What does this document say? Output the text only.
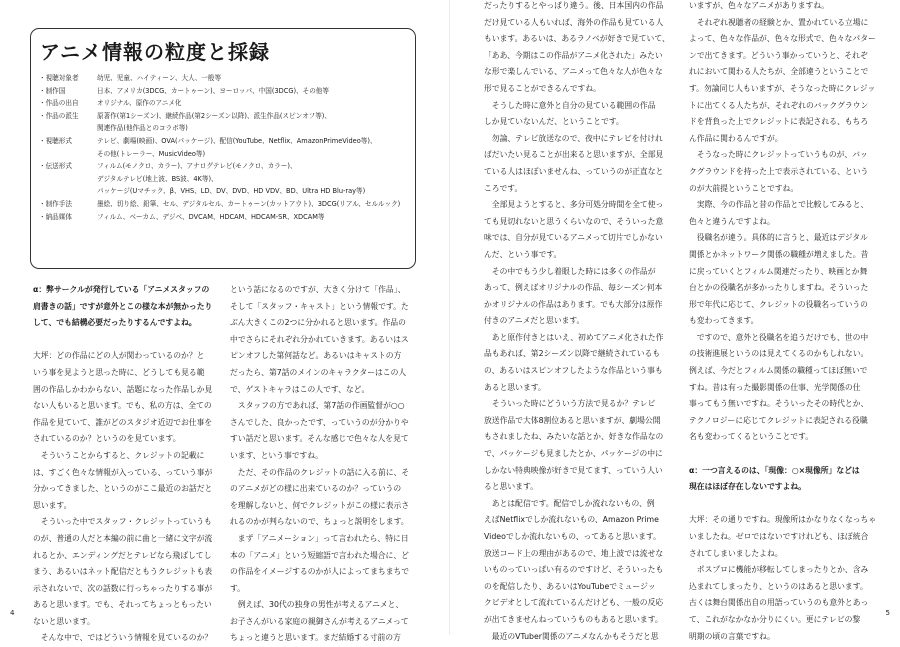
アニメ情報の粒度と採録
・視聴対象者	幼児、児童、ハイティーン、大人、一般等
・制作国	日本、アメリカ(3DCG、カートゥーン)、ヨーロッパ、中国(3DCG)、その他等
・作品の出自	オリジナル、原作のアニメ化
・作品の派生	原著作(第1シーズン)、継続作品(第2シーズン以降)、派生作品(スピンオフ等)、
関連作品(他作品とのコラボ等)
・視聴形式	テレビ、劇場(映画)、OVA(パッケージ)、配信(YouTube、Netflix、AmazonPrimeVideo等)、
その他(トレーラー、MusicVideo等)
・伝送形式	フィルム(モノクロ、カラー)、アナログテレビ(モノクロ、カラー)、
デジタルテレビ(地上波、BS波、4K等)、
パッケージ(Uマチック、β、VHS、LD、DV、DVD、HD VDV、BD、Ultra HD Blu-ray等)
・制作手法	墨絵、切り絵、鉛筆、セル、デジタルセル、カートゥーン(カットアウト)、3DCG(リアル、セルルック)
・納品媒体	フィルム、ベーカム、デジベ、DVCAM、HDCAM、HDCAM-SR、XDCAM等

α：弊サークルが発行している「アニメスタッフの

肩書きの話」ですが意外とこの様な本が無かったり

して、でも結構必要だったりするんですよね。

大坪：どの作品にどの人が関わっているのか？と

いう事を見ようと思った時に、どうしても見る範

囲の作品しかわからない、話題になった作品しか見

ない人もいると思います。でも、私の方は、全ての

作品を見ていて、誰がどのスタジオ近辺でお仕事を

されているのか？というのを見ています。

　そういうことからすると、クレジットの記載に

は、すごく色々な情報が入っている、っていう事が

分かってきました、というのがここ最近のお話だと

思います。

　そういった中でスタッフ・クレジットっていうも

のが、普通の人だと本編の前に曲と一緒に文字が流

れるとか、エンディングだとテレビなら飛ばしてし

まう、あるいはネット配信だともうクレジットも表

示されないで、次の話数に行っちゃったりする事が

あると思います。でも、それってちょっともったい

ないと思います。

　そんな中で、ではどういう情報を見ているのか？

という話になるのですが、大きく分けて「作品」、

そして「スタッフ・キャスト」という情報です。た

ぶん大きくこの2つに分かれると思います。作品の

中でさらにそれぞれ分かれていきます。あるいはス

ピンオフした第何話など。あるいはキャストの方

だったら、第7話のメインのキャラクターはこの人

で、ゲストキャラはこの人です、など。

　スタッフの方であれば、第7話の作画監督が○○

さんでした、良かったです、っていうのが分かりや

すい話だと思います。そんな感じで色々な人を見て

います、という事ですね。

　ただ、その作品のクレジットの話に入る前に、そ

のアニメがどの様に出来ているのか？っていうの

を理解しないと、何でクレジットがこの様に表示さ

れるのかが判らないので、ちょっと説明をします。

　まず「アニメーション」って言われたら、特に日

本の「アニメ」という短縮語で言われた場合に、ど

の作品をイメージするのかが人によってまちまちで

す。

　例えば、30代の独身の男性が考えるアニメと、

お子さんがいる家庭の親御さんが考えるアニメって

ちょっと違うと思います。まだ結婚する寸前の方

4

だったりするとやっぱり違う。後、日本国内の作品

だけ見ている人もいれば、海外の作品も見ている人

もいます。あるいは、あるラノベが好きで見ていて、

「ああ、今期はこの作品がアニメ化された」みたい

な形で楽しんでいる、アニメって色々な人が色々な

形で見ることができるんですね。

　そうした時に意外と自分の見ている範囲の作品

しか見ていないんだ、ということです。

　勿論、テレビ放送なので、夜中にテレビを付けれ

ばだいたい見ることが出来ると思いますが、全部見

ている人はほぼいませんね、っていうのが正直なと

ころです。

　全部見ようとすると、多分可処分時間を全て使っ

ても見切れないと思うくらいなので、そういった意

味では、自分が見ているアニメって切片でしかない

んだ、という事です。

　その中でもう少し着眼した時には多くの作品が

あって、例えばオリジナルの作品、毎シーズン何本

かオリジナルの作品はあります。でも大部分は原作

付きのアニメだと思います。

　あと原作付きとはいえ、初めてアニメ化された作

品もあれば、第2シーズン以降で継続されているも

の、あるいはスピンオフしたような作品という事も

あると思います。

　そういった時にどういう方法で見るか？テレビ

放送作品で大体8割位あると思いますが、劇場公開

もされましたね、みたいな話とか、好きな作品なの

で、パッケージも見ましたとか、パッケージの中に

しかない特典映像が好きで見てます、っていう人い

ると思います。

　あとは配信です。配信でしか流れないもの、例

えばNetflixでしか流れないもの、Amazon Prime

Videoでしか流れないもの、ってあると思います。

放送コード上の理由があるので、地上波では流せな

いものっていっぱい有るのですけど、そういったも

のを配信したり、あるいはYouTubeでミュージッ

クビデオとして流れているんだけども、一般の反応

が出てきませんねっていうものもあると思います。

　最近のVTuber関係のアニメなんかもそうだと思

いますが、色々なアニメがありますね。

　それぞれ視聴者の経験とか、置かれている立場に

よって、色々な作品が、色々な形式で、色々なパター

ンで出てきます。どういう事かっていうと、それぞ

れにおいて関わる人たちが、全部違うということで

す。勿論同じ人もいますが、そうなった時にクレジッ

トに出てくる人たちが、それぞれのバックグラウン

ドを背負った上でクレジットに表記される、もちろ

ん作品に関わるんですが。

　そうなった時にクレジットっていうものが、バッ

クグラウンドを持った上で表示されている、という

のが大前提ということですね。

　実際、今の作品と昔の作品とで比較してみると、

色々と違うんですよね。

　役職名が違う。具体的に言うと、最近はデジタル

関係とかネットワーク関係の職種が増えました。昔

に戻っていくとフィルム関連だったり、映画とか舞

台とかの役職名が多かったりしますね。そういった

形で年代に応じて、クレジットの役職名っていうの

も変わってきます。

　ですので、意外と役職名を追うだけでも、世の中

の技術進展というのは見えてくるのかもしれない。

例えば、今だとフィルム関係の職種ってほぼ無いで

すね。昔は有った撮影関係の仕事、光学関係の仕

事ってもう無いですね。そういったその時代とか、

テクノロジーに応じてクレジットに表記される役職

名も変わってくるということです。

α：一つ言えるのは、「現像：○×現像所」などは

現在はほぼ存在しないですよね。

大坪：その通りですね。現像所はかなりなくなっちゃ

いましたね。ゼロではないですけれども、ほぼ統合

されてしまいましたよね。

　ポスプロに機能が移転してしまったりとか、含み

込まれてしまったり、というのはあると思います。

古くは舞台関係出自の用語っていうのも意外とあっ

て、これがなかなか分りにくい。更にテレビの黎

明期の頃の言葉ですね。

5
